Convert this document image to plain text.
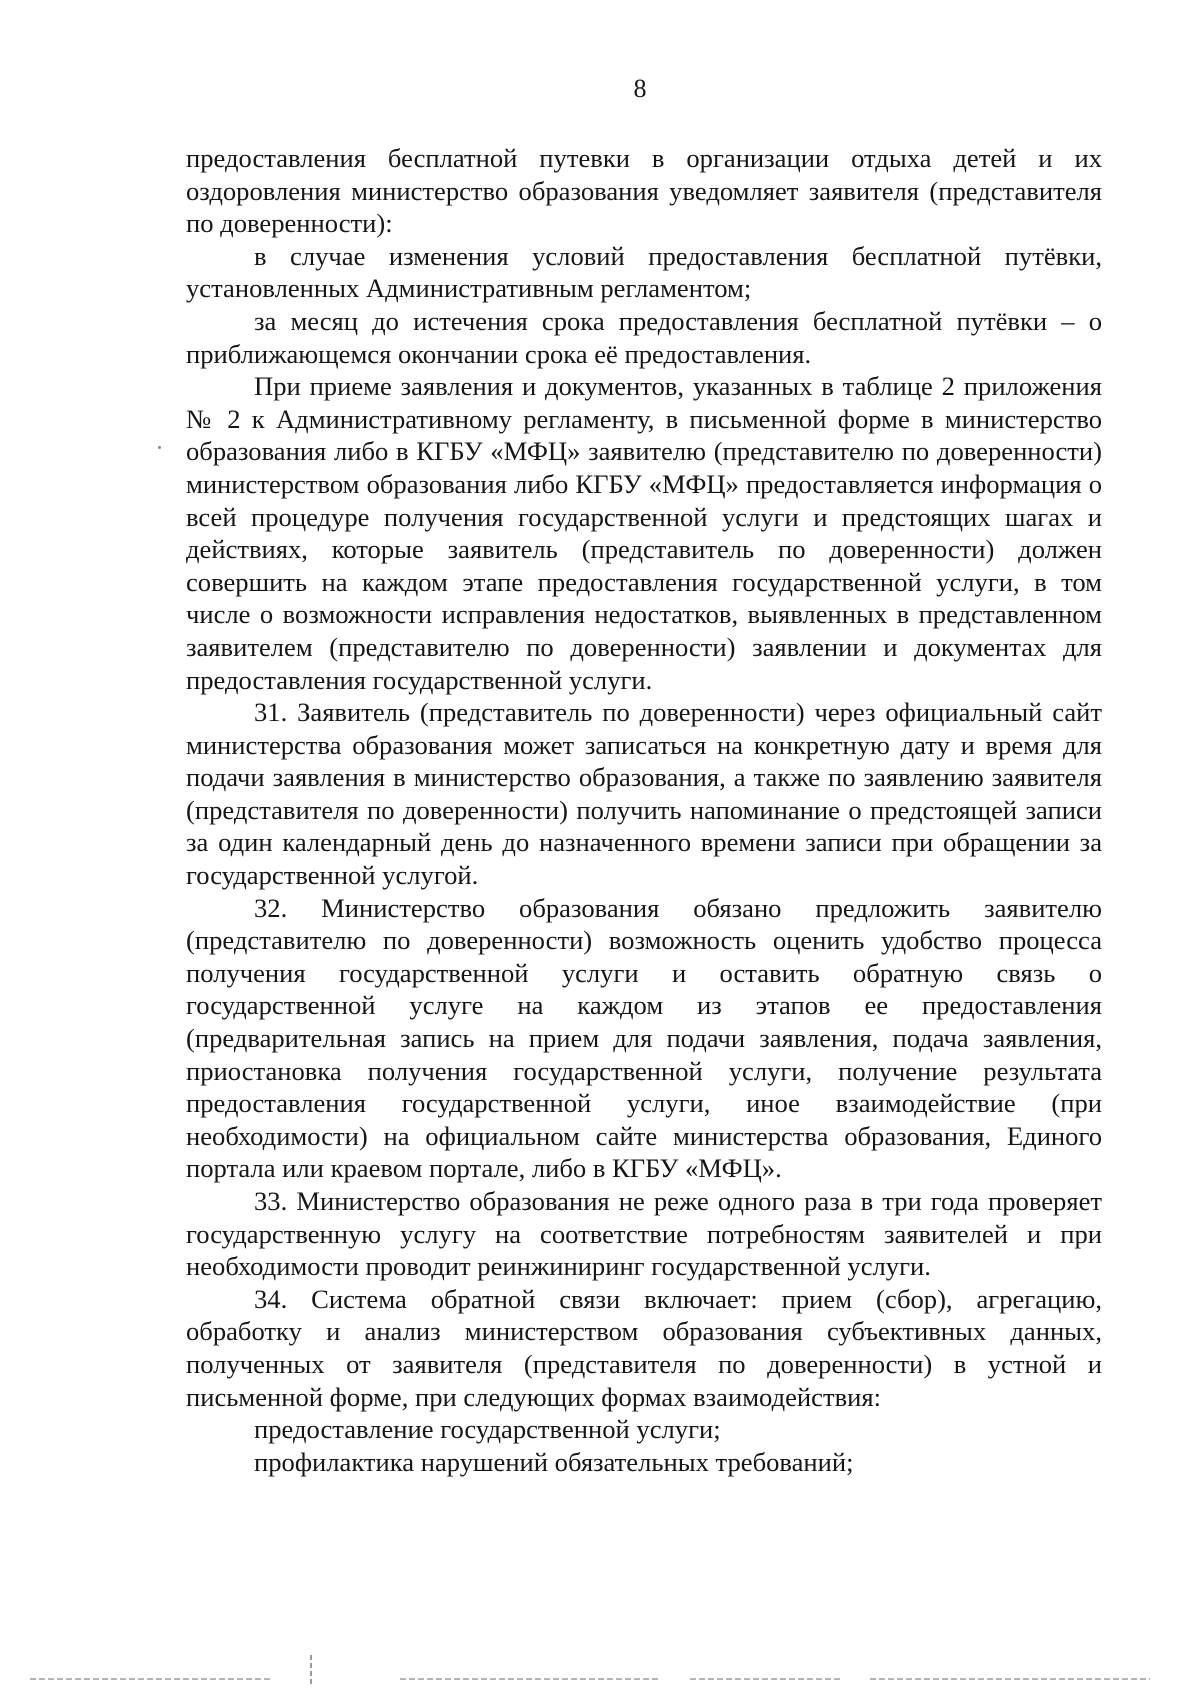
8

предоставления бесплатной путевки в организации отдыха детей и их оздоровления министерство образования уведомляет заявителя (представителя по доверенности):

в случае изменения условий предоставления бесплатной путёвки, установленных Административным регламентом;

за месяц до истечения срока предоставления бесплатной путёвки – о приближающемся окончании срока её предоставления.

При приеме заявления и документов, указанных в таблице 2 приложения № 2 к Административному регламенту, в письменной форме в министерство образования либо в КГБУ «МФЦ» заявителю (представителю по доверенности) министерством образования либо КГБУ «МФЦ» предоставляется информация о всей процедуре получения государственной услуги и предстоящих шагах и действиях, которые заявитель (представитель по доверенности) должен совершить на каждом этапе предоставления государственной услуги, в том числе о возможности исправления недостатков, выявленных в представленном заявителем (представителю по доверенности) заявлении и документах для предоставления государственной услуги.

31. Заявитель (представитель по доверенности) через официальный сайт министерства образования может записаться на конкретную дату и время для подачи заявления в министерство образования, а также по заявлению заявителя (представителя по доверенности) получить напоминание о предстоящей записи за один календарный день до назначенного времени записи при обращении за государственной услугой.

32. Министерство образования обязано предложить заявителю (представителю по доверенности) возможность оценить удобство процесса получения государственной услуги и оставить обратную связь о государственной услуге на каждом из этапов ее предоставления (предварительная запись на прием для подачи заявления, подача заявления, приостановка получения государственной услуги, получение результата предоставления государственной услуги, иное взаимодействие (при необходимости) на официальном сайте министерства образования, Единого портала или краевом портале, либо в КГБУ «МФЦ».

33. Министерство образования не реже одного раза в три года проверяет государственную услугу на соответствие потребностям заявителей и при необходимости проводит реинжиниринг государственной услуги.

34. Система обратной связи включает: прием (сбор), агрегацию, обработку и анализ министерством образования субъективных данных, полученных от заявителя (представителя по доверенности) в устной и письменной форме, при следующих формах взаимодействия:

предоставление государственной услуги;

профилактика нарушений обязательных требований;
